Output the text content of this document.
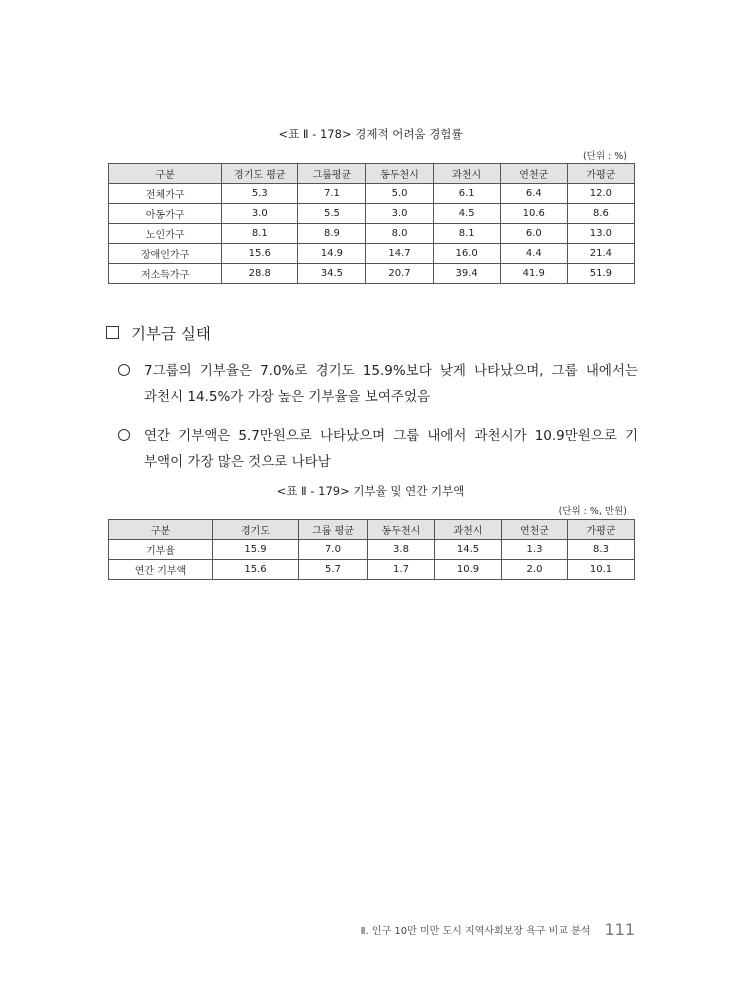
<표 Ⅱ - 178> 경제적 어려움 경험률
(단위 : %)
구분	경기도 평균	그룹평균	동두천시	과천시	연천군	가평군
전체가구	5.3	7.1	5.0	6.1	6.4	12.0
아동가구	3.0	5.5	3.0	4.5	10.6	8.6
노인가구	8.1	8.9	8.0	8.1	6.0	13.0
장애인가구	15.6	14.9	14.7	16.0	4.4	21.4
저소득가구	28.8	34.5	20.7	39.4	41.9	51.9
기부금 실태
7그룹의 기부율은 7.0%로 경기도 15.9%보다 낮게 나타났으며, 그룹 내에서는
과천시 14.5%가 가장 높은 기부율을 보여주었음
연간 기부액은 5.7만원으로 나타났으며 그룹 내에서 과천시가 10.9만원으로 기
부액이 가장 많은 것으로 나타남
<표 Ⅱ - 179> 기부율 및 연간 기부액
(단위 : %, 만원)
구분	경기도	그룹 평균	동두천시	과천시	연천군	가평군
기부율	15.9	7.0	3.8	14.5	1.3	8.3
연간 기부액	15.6	5.7	1.7	10.9	2.0	10.1
Ⅱ. 인구 10만 미만 도시 지역사회보장 욕구 비교 분석 111
